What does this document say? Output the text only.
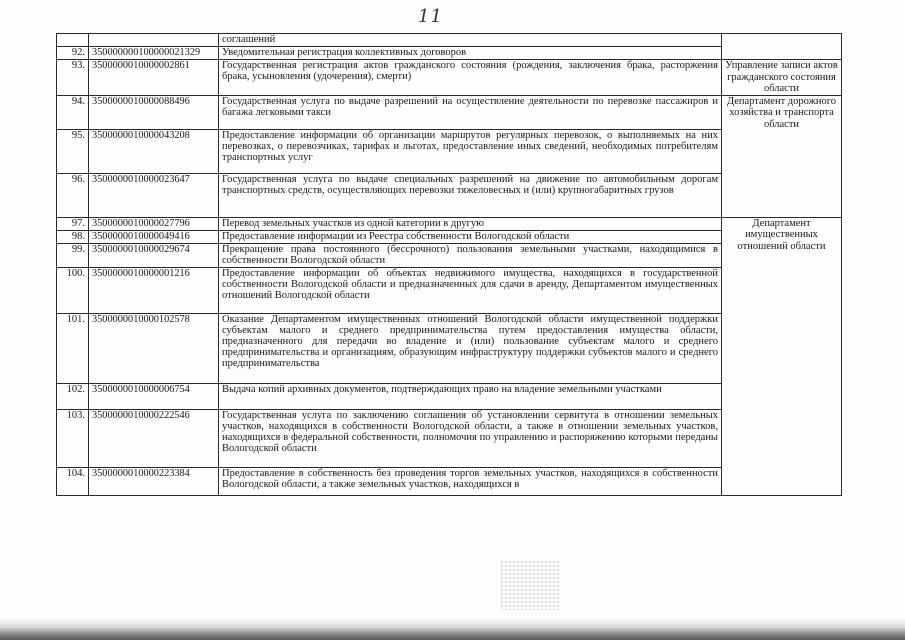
11
		соглашений	
92.	350000000100000021329	Уведомительная регистрация коллективных договоров	
93.	3500000010000002861	Государственная регистрация актов гражданского состояния (рождения, заключения брака, расторжения брака, усыновления (удочерения), смерти)	Управление записи актов гражданского состояния области

94.	3500000010000088496	Государственная услуга по выдаче разрешений на осуществление деятельности по перевозке пассажиров и багажа легковыми такси	Департамент дорожного хозяйства и транспорта области

95.	3500000010000043208	Предоставление информации об организации маршрутов регулярных перевозок, о выполняемых на них перевозках, о перевозчиках, тарифах и льготах, предоставление иных сведений, необходимых потребителям транспортных услуг	
96.	3500000010000023647	Государственная услуга по выдаче специальных разрешений на движение по автомобильным дорогам транспортных средств, осуществляющих перевозки тяжеловесных и (или) крупногабаритных грузов	
97.	3500000010000027796	Перевод земельных участков из одной категории в другую	Департамент имущественных отношений области

98.	3500000010000049416	Предоставление информации из Реестра собственности Вологодской области	
99.	3500000010000029674	Прекращение права постоянного (бессрочного) пользования земельными участками, находящимися в собственности Вологодской области	
100.	3500000010000001216	Предоставление информации об объектах недвижимого имущества, находящихся в государственной собственности Вологодской области и предназначенных для сдачи в аренду, Департаментом имущественных отношений Вологодской области	
101.	3500000010000102578	Оказание Департаментом имущественных отношений Вологодской области имущественной поддержки субъектам малого и среднего предпринимательства путем предоставления имущества области, предназначенного для передачи во владение и (или) пользование субъектам малого и среднего предпринимательства и организациям, образующим инфраструктуру поддержки субъектов малого и среднего предпринимательства	
102.	3500000010000006754	Выдача копий архивных документов, подтверждающих право на владение земельными участками	
103.	3500000010000222546	Государственная услуга по заключению соглашения об установлении сервитута в отношении земельных участков, находящихся в собственности Вологодской области, а также в отношении земельных участков, находящихся в федеральной собственности, полномочия по управлению и распоряжению которыми переданы Вологодской области	
104.	3500000010000223384	Предоставление в собственность без проведения торгов земельных участков, находящихся в собственности Вологодской области, а также земельных участков, находящихся в	
